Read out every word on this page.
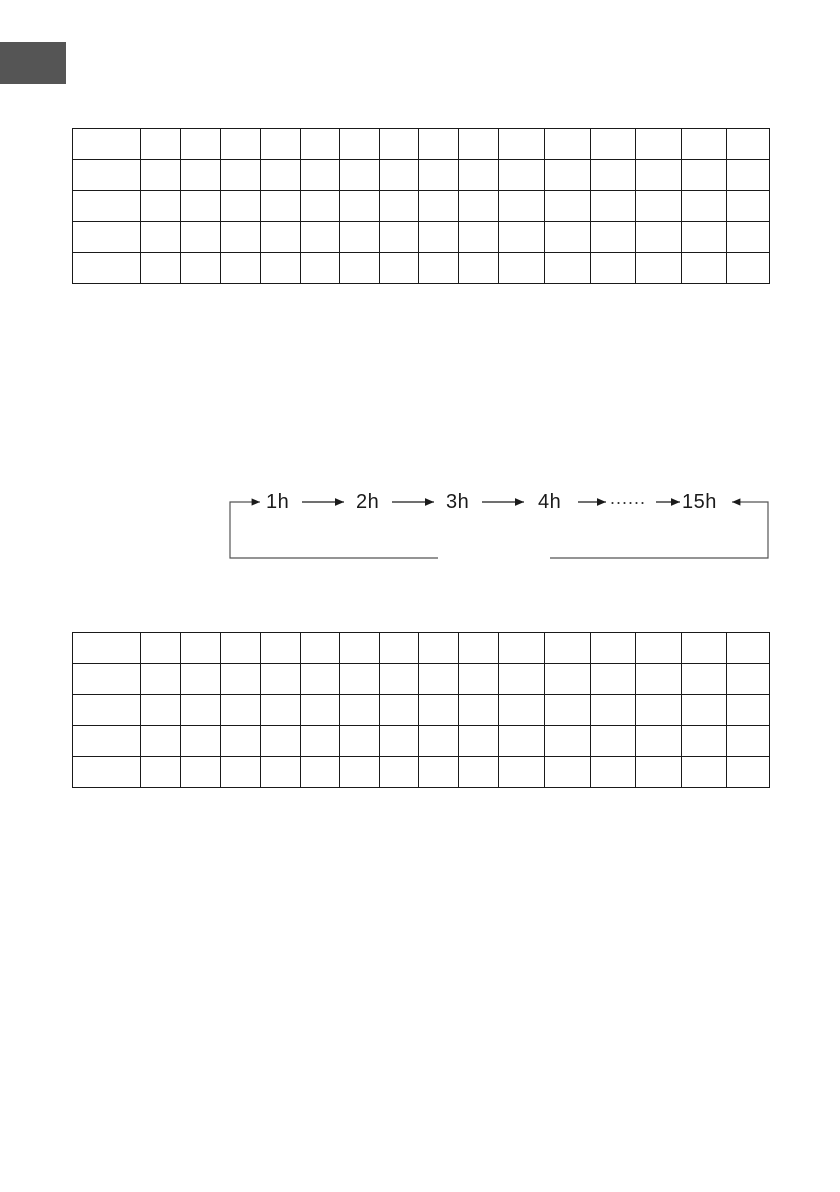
1h	2h	3h	4h	...... 15h
